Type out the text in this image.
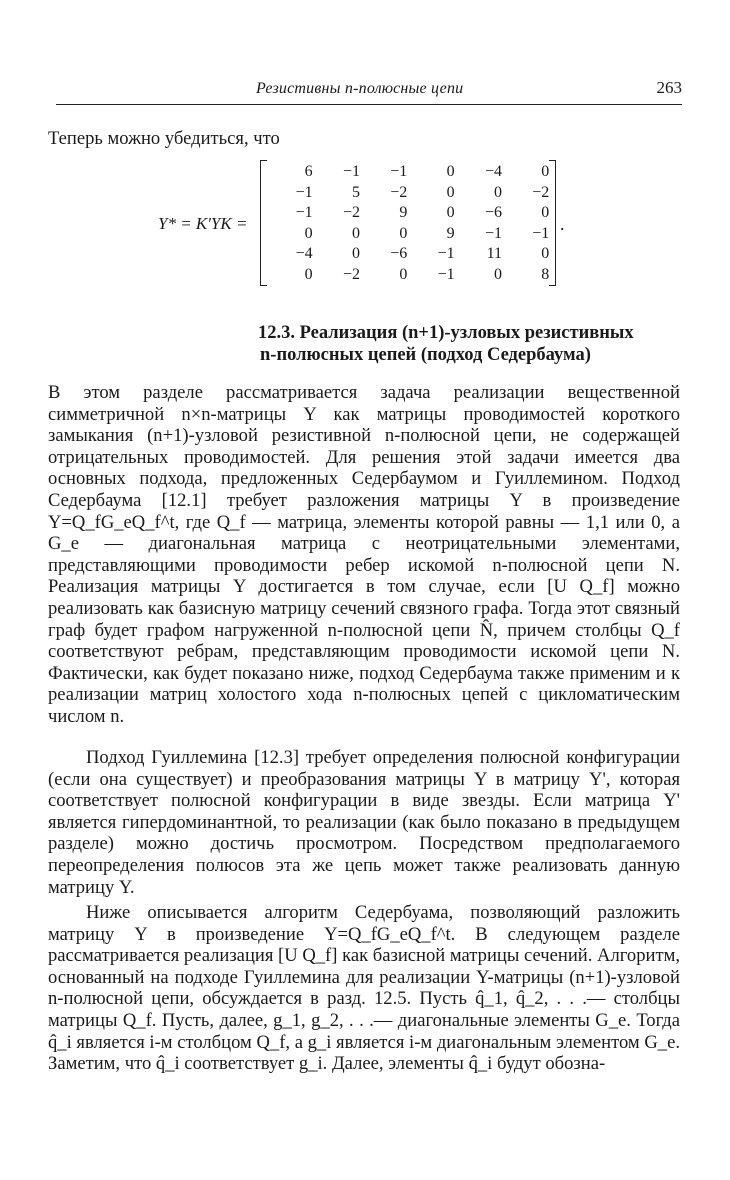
Резистивны n-полюсные цепи	263
Теперь можно убедиться, что
Y* = K'YK =
6	−1	−1	0	−4	0
−1	5	−2	0	0	−2
−1	−2	9	0	−6	0
0	0	0	9	−1	−1
−4	0	−6	−1	11	0
0	−2	0	−1	0	8
.
12.3. Реализация (n+1)-узловых резистивных
n-полюсных цепей (подход Седербаума)
В этом разделе рассматривается задача реализации вещественной симметричной n×n-матрицы Y как матрицы проводимостей короткого замыкания (n+1)-узловой резистивной n-полюсной цепи, не содержащей отрицательных проводимостей. Для решения этой задачи имеется два основных подхода, предложенных Седербаумом и Гуиллемином. Подход Седербаума [12.1] требует разложения матрицы Y в произведение Y=Q_fG_eQ_f^t, где Q_f — матрица, элементы которой равны — 1,1 или 0, а G_e — диагональная матрица с неотрицательными элементами, представляющими проводимости ребер искомой n-полюсной цепи N. Реализация матрицы Y достигается в том случае, если [U Q_f] можно реализовать как базисную матрицу сечений связного графа. Тогда этот связный граф будет графом нагруженной n-полюсной цепи N̂, причем столбцы Q_f соответствуют ребрам, представляющим проводимости искомой цепи N. Фактически, как будет показано ниже, подход Седербаума также применим и к реализации матриц холостого хода n-полюсных цепей с цикломатическим числом n.
Подход Гуиллемина [12.3] требует определения полюсной конфигурации (если она существует) и преобразования матрицы Y в матрицу Y', которая соответствует полюсной конфигурации в виде звезды. Если матрица Y' является гипердоминантной, то реализации (как было показано в предыдущем разделе) можно достичь просмотром. Посредством предполагаемого переопределения полюсов эта же цепь может также реализовать данную матрицу Y.
Ниже описывается алгоритм Седербуама, позволяющий разложить матрицу Y в произведение Y=Q_fG_eQ_f^t. В следующем разделе рассматривается реализация [U Q_f] как базисной матрицы сечений. Алгоритм, основанный на подходе Гуиллемина для реализации Y-матрицы (n+1)-узловой n-полюсной цепи, обсуждается в разд. 12.5. Пусть q̂_1, q̂_2, . . .— столбцы матрицы Q_f. Пусть, далее, g_1, g_2, . . .— диагональные элементы G_e. Тогда q̂_i является i-м столбцом Q_f, а g_i является i-м диагональным элементом G_e. Заметим, что q̂_i соответствует g_i. Далее, элементы q̂_i будут обозна-
